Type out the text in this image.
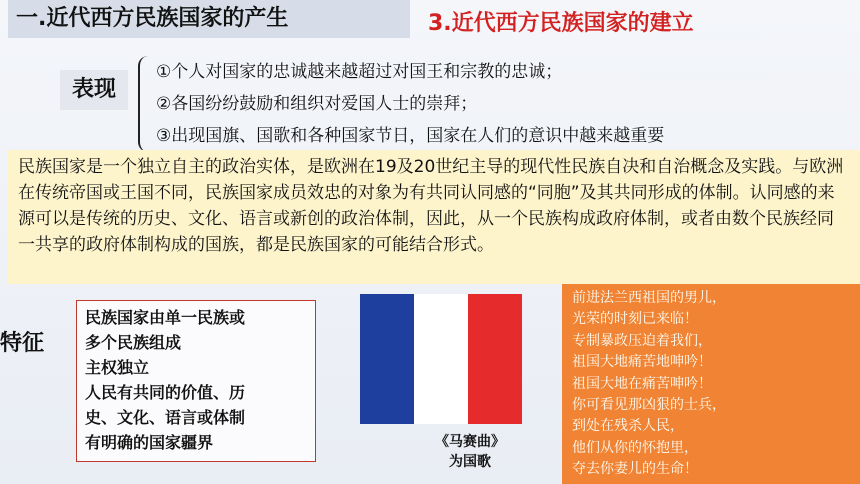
一.近代西方民族国家的产生	3.近代西方民族国家的建立
表现
①个人对国家的忠诚越来越超过对国王和宗教的忠诚；
②各国纷纷鼓励和组织对爱国人士的崇拜；
③出现国旗、国歌和各种国家节日，国家在人们的意识中越来越重要
民族国家是一个独立自主的政治实体，是欧洲在19及20世纪主导的现代性民族自决和自治概念及实践。与欧洲在传统帝国或王国不同，民族国家成员效忠的对象为有共同认同感的“同胞”及其共同形成的体制。认同感的来源可以是传统的历史、文化、语言或新创的政治体制，因此，从一个民族构成政府体制，或者由数个民族经同一共享的政府体制构成的国族，都是民族国家的可能结合形式。
特征
民族国家由单一民族或
多个民族组成
主权独立
人民有共同的价值、历
史、文化、语言或体制
有明确的国家疆界	《马赛曲》
为国歌
前进法兰西祖国的男儿，
光荣的时刻已来临！
专制暴政压迫着我们，
祖国大地痛苦地呻吟！
祖国大地在痛苦呻吟！
你可看见那凶狠的士兵，
到处在残杀人民，
他们从你的怀抱里，
夺去你妻儿的生命！
